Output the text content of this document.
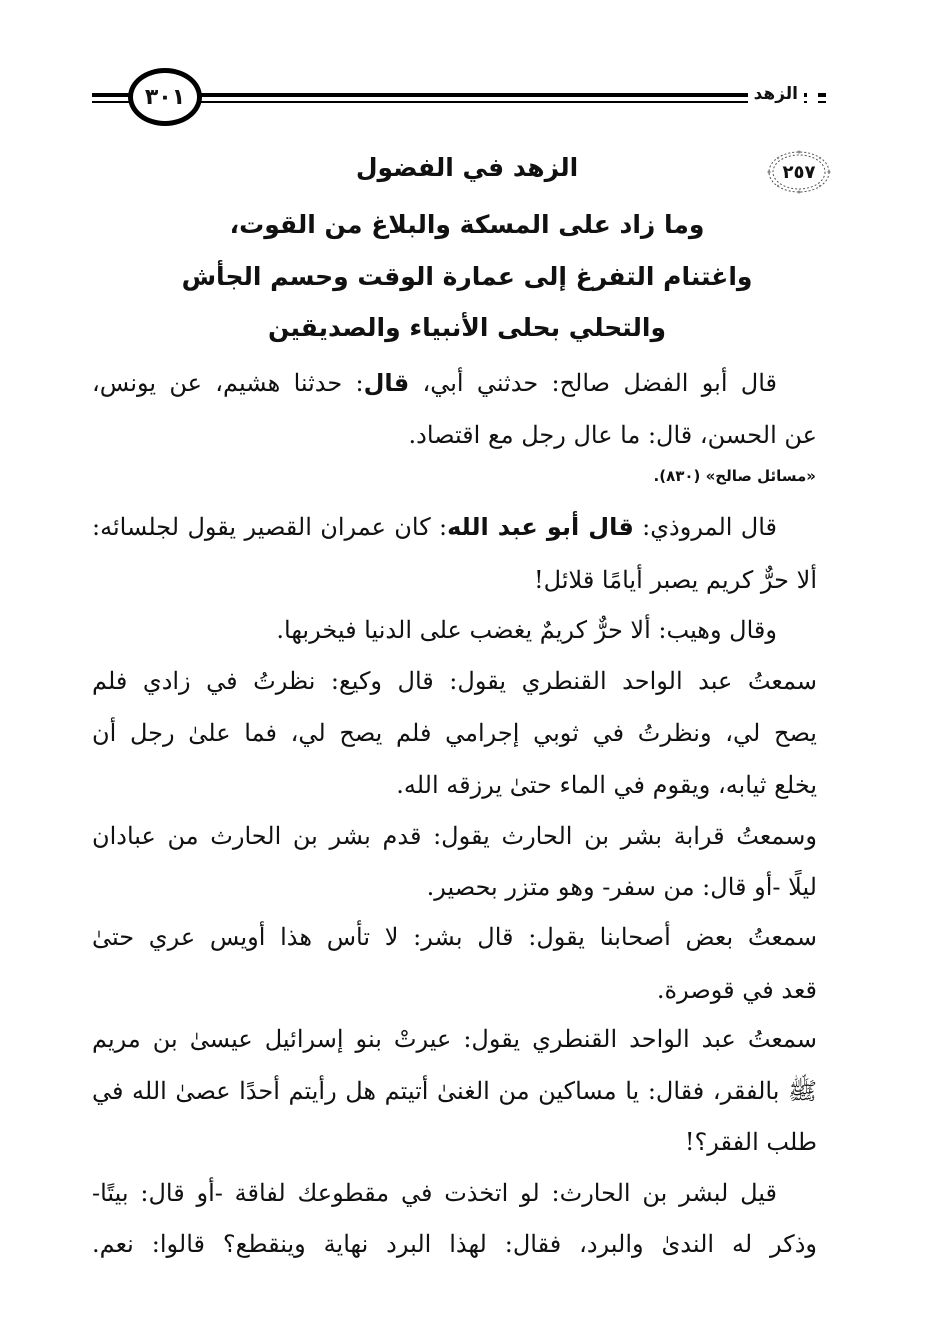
٣٠١	الزهد
٢٥٧
الزهد في الفضول
وما زاد على المسكة والبلاغ من القوت،
واغتنام التفرغ إلى عمارة الوقت وحسم الجأش
والتحلي بحلى الأنبياء والصديقين
قال أبو الفضل صالح: حدثني أبي، قال: حدثنا هشيم، عن يونس،
عن الحسن، قال: ما عال رجل مع اقتصاد.
«مسائل صالح» (٨٣٠).
قال المروذي: قال أبو عبد الله: كان عمران القصير يقول لجلسائه:
ألا حرٌّ كريم يصبر أيامًا قلائل!
وقال وهيب: ألا حرٌّ كريمٌ يغضب على الدنيا فيخربها.
سمعتُ عبد الواحد القنطري يقول: قال وكيع: نظرتُ في زادي فلم
يصح لي، ونظرتُ في ثوبي إجرامي فلم يصح لي، فما علىٰ رجل أن
يخلع ثيابه، ويقوم في الماء حتىٰ يرزقه الله.
وسمعتُ قرابة بشر بن الحارث يقول: قدم بشر بن الحارث من عبادان
ليلًا -أو قال: من سفر- وهو متزر بحصير.
سمعتُ بعض أصحابنا يقول: قال بشر: لا تأس هذا أويس عري حتىٰ
قعد في قوصرة.
سمعتُ عبد الواحد القنطري يقول: عيرتْ بنو إسرائيل عيسىٰ بن مريم
ﷺ بالفقر، فقال: يا مساكين من الغنىٰ أتيتم هل رأيتم أحدًا عصىٰ الله في
طلب الفقر؟!
قيل لبشر بن الحارث: لو اتخذت في مقطوعك لفاقة -أو قال: بيتًا-
وذكر له الندىٰ والبرد، فقال: لهذا البرد نهاية وينقطع؟ قالوا: نعم.
